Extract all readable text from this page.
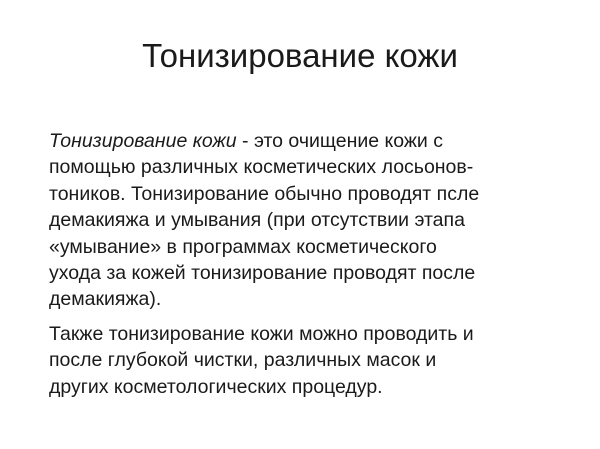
Тонизирование кожи

Тонизирование кожи - это очищение кожи с
помощью различных косметических лосьонов-
тоников. Тонизирование обычно проводят псле
демакияжа и умывания (при отсутствии этапа
«умывание» в программах косметического
ухода за кожей тонизирование проводят после
демакияжа).

Также тонизирование кожи можно проводить и
после глубокой чистки, различных масок и
других косметологических процедур.
